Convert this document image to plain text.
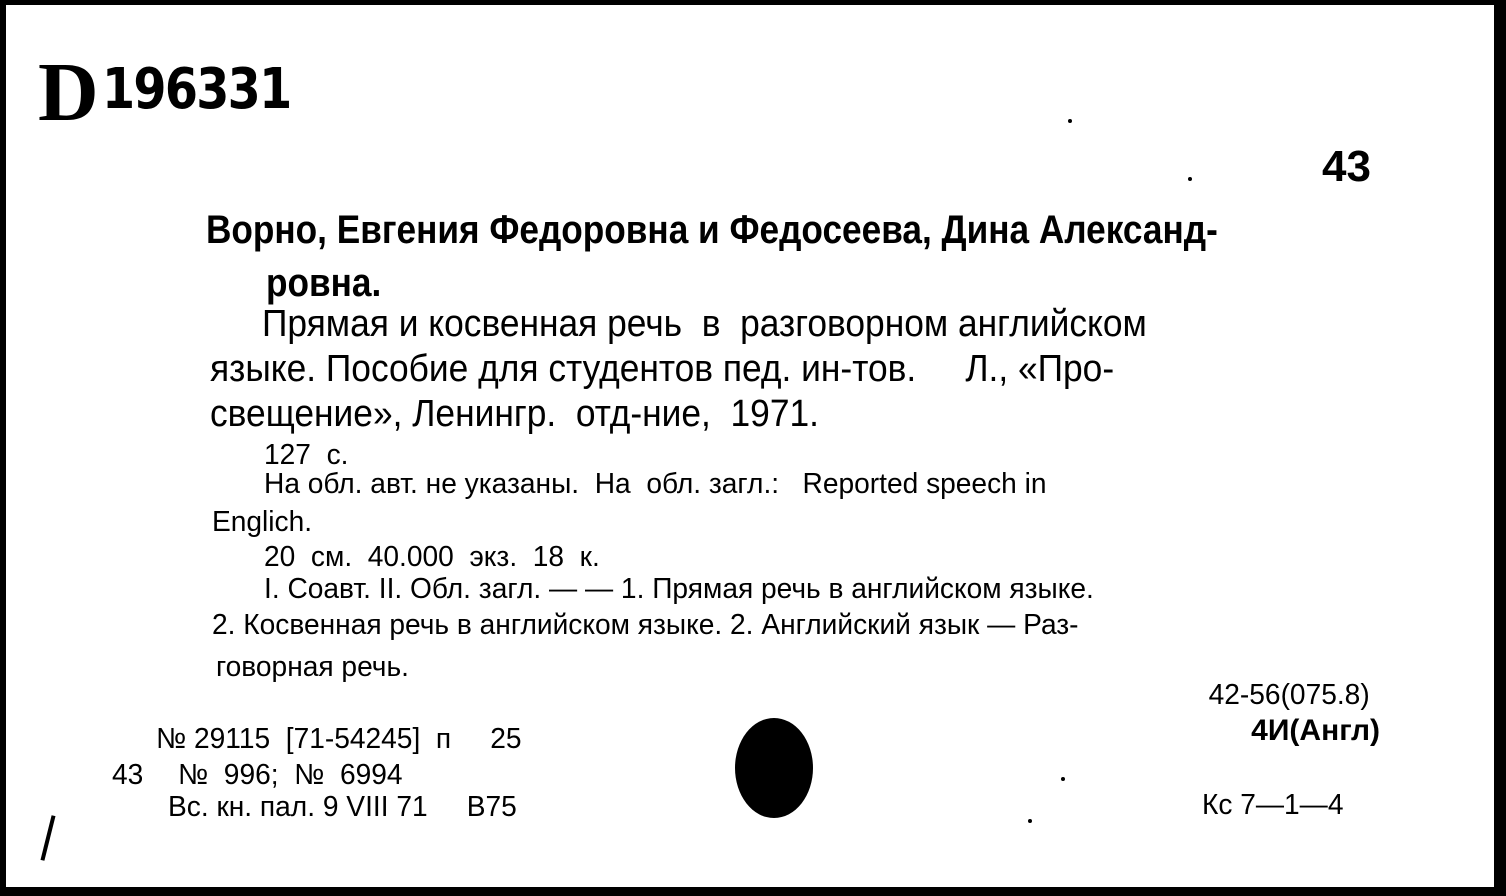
D 196331
43
Ворно, Евгения Федоровна и Федосеева, Дина Александ-
ровна.
Прямая и косвенная речь  в  разговорном английском
языке. Пособие для студентов пед. ин-тов.     Л., «Про-
свещение», Ленингр.  отд-ние,  1971.
127  с.
На обл. авт. не указаны.  На  обл. загл.:   Reported speech in
Englich.
20  см.  40.000  экз.  18  к.
I. Соавт. II. Обл. загл. — — 1. Прямая речь в английском языке.
2. Косвенная речь в английском языке. 2. Английский язык — Раз-
говорная речь.
42-56(075.8)
4И(Англ)
№ 29115  [71-54245]  п     25
43 №  996;  №  6994
Вс. кн. пал. 9 VIII 71     В75	Кс 7—1—4
